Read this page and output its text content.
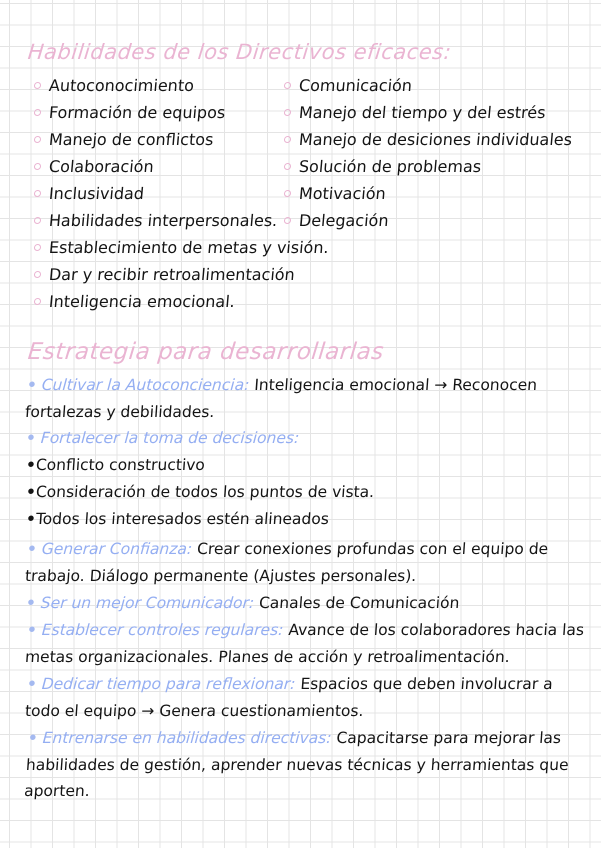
Habilidades de los Directivos eficaces:
Autoconocimiento
Formación de equipos
Manejo de conflictos
Colaboración
Inclusividad
Habilidades interpersonales.
Establecimiento de metas y visión.
Dar y recibir retroalimentación
Inteligencia emocional.
Comunicación
Manejo del tiempo y del estrés
Manejo de desiciones individuales
Solución de problemas
Motivación
Delegación
Estrategia para desarrollarlas
• Cultivar la Autoconciencia: Inteligencia emocional → Reconocen fortalezas y debilidades.
• Fortalecer la toma de decisiones:
•Conflicto constructivo
•Consideración de todos los puntos de vista.
•Todos los interesados estén alineados
• Generar Confianza: Crear conexiones profundas con el equipo de trabajo. Diálogo permanente (Ajustes personales).
• Ser un mejor Comunicador: Canales de Comunicación
• Establecer controles regulares: Avance de los colaboradores hacia las metas organizacionales. Planes de acción y retroalimentación.
• Dedicar tiempo para reflexionar: Espacios que deben involucrar a todo el equipo → Genera cuestionamientos.
• Entrenarse en habilidades directivas: Capacitarse para mejorar las habilidades de gestión, aprender nuevas técnicas y herramientas que aporten.
